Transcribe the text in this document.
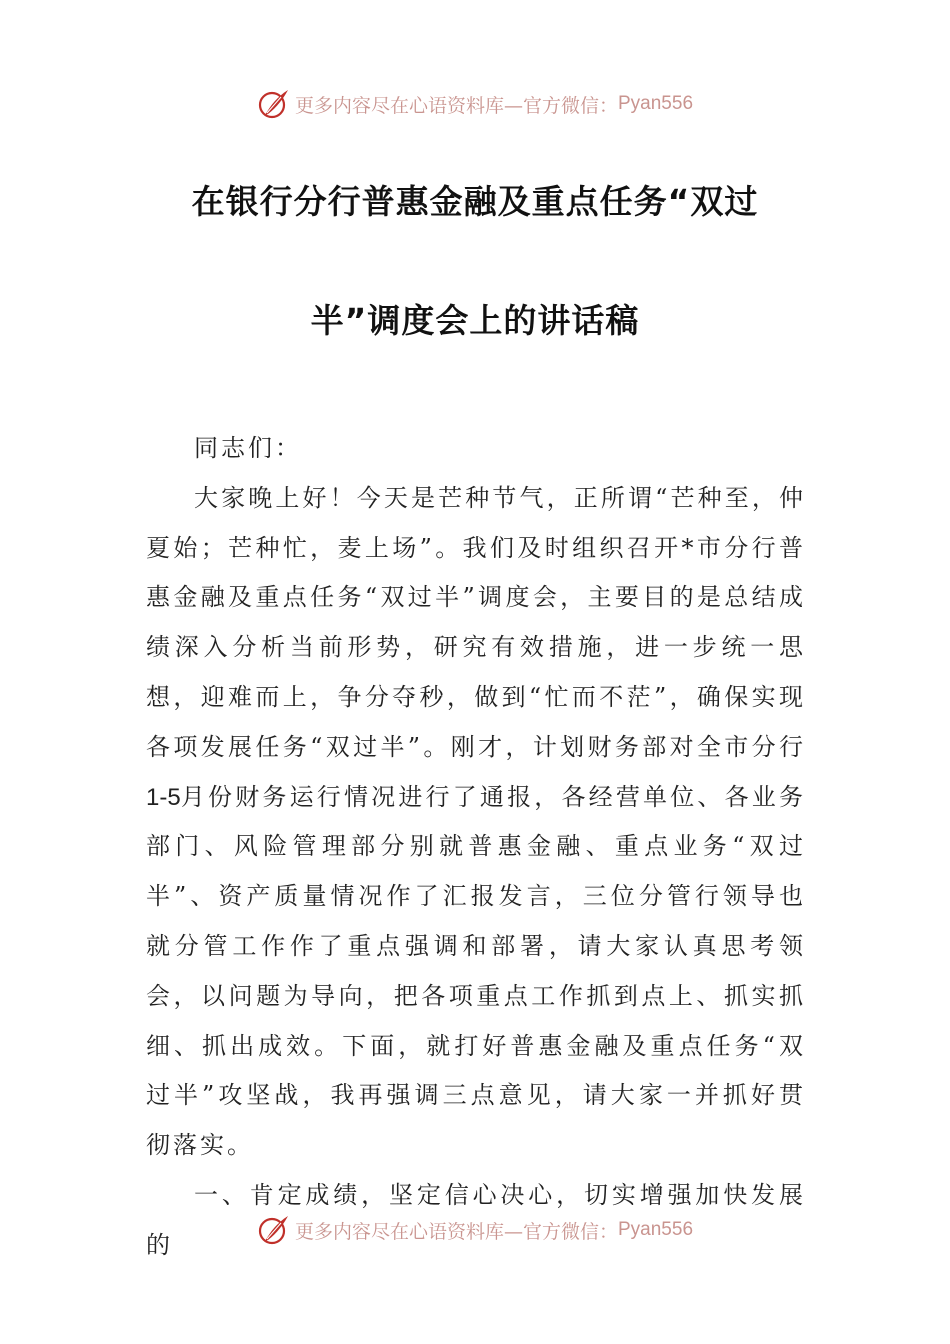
更多内容尽在心语资料库—官方微信： Pyan556
在银行分行普惠金融及重点任务“双过
半”调度会上的讲话稿

同志们：

大家晚上好！今天是芒种节气，正所谓“芒种至，仲夏始；芒种忙，麦上场”。我们及时组织召开*市分行普惠金融及重点任务“双过半”调度会，主要目的是总结成绩深入分析当前形势，研究有效措施，进一步统一思想，迎难而上，争分夺秒，做到“忙而不茫”，确保实现各项发展任务“双过半”。刚才，计划财务部对全市分行1-5月份财务运行情况进行了通报，各经营单位、各业务部门、风险管理部分别就普惠金融、重点业务“双过半”、资产质量情况作了汇报发言，三位分管行领导也就分管工作作了重点强调和部署，请大家认真思考领会，以问题为导向，把各项重点工作抓到点上、抓实抓细、抓出成效。下面，就打好普惠金融及重点任务“双过半”攻坚战，我再强调三点意见，请大家一并抓好贯彻落实。

一、肯定成绩，坚定信心决心，切实增强加快发展的	更多内容尽在心语资料库—官方微信： Pyan556
